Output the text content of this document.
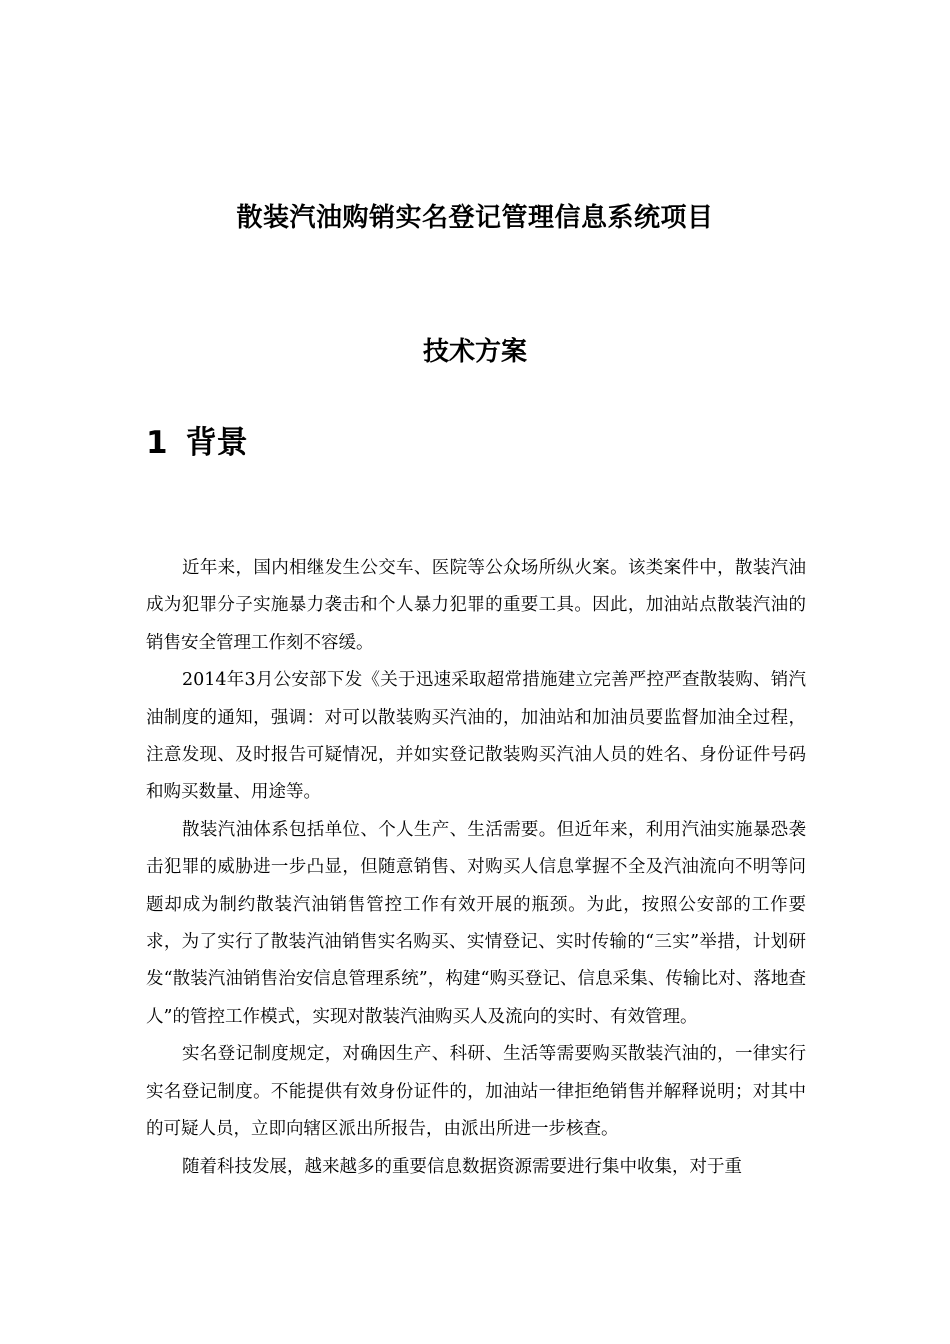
散装汽油购销实名登记管理信息系统项目
技术方案
1 背景

近年来，国内相继发生公交车、医院等公众场所纵火案。该类案件中，散装汽油成为犯罪分子实施暴力袭击和个人暴力犯罪的重要工具。因此，加油站点散装汽油的销售安全管理工作刻不容缓。

2014年3月公安部下发《关于迅速采取超常措施建立完善严控严查散装购、销汽油制度的通知，强调：对可以散装购买汽油的，加油站和加油员要监督加油全过程，注意发现、及时报告可疑情况，并如实登记散装购买汽油人员的姓名、身份证件号码和购买数量、用途等。

散装汽油体系包括单位、个人生产、生活需要。但近年来，利用汽油实施暴恐袭击犯罪的威胁进一步凸显，但随意销售、对购买人信息掌握不全及汽油流向不明等问题却成为制约散装汽油销售管控工作有效开展的瓶颈。为此，按照公安部的工作要求，为了实行了散装汽油销售实名购买、实情登记、实时传输的“三实”举措，计划研发“散装汽油销售治安信息管理系统”，构建“购买登记、信息采集、传输比对、落地查人”的管控工作模式，实现对散装汽油购买人及流向的实时、有效管理。

实名登记制度规定，对确因生产、科研、生活等需要购买散装汽油的，一律实行实名登记制度。不能提供有效身份证件的，加油站一律拒绝销售并解释说明；对其中的可疑人员，立即向辖区派出所报告，由派出所进一步核查。

随着科技发展，越来越多的重要信息数据资源需要进行集中收集，对于重
